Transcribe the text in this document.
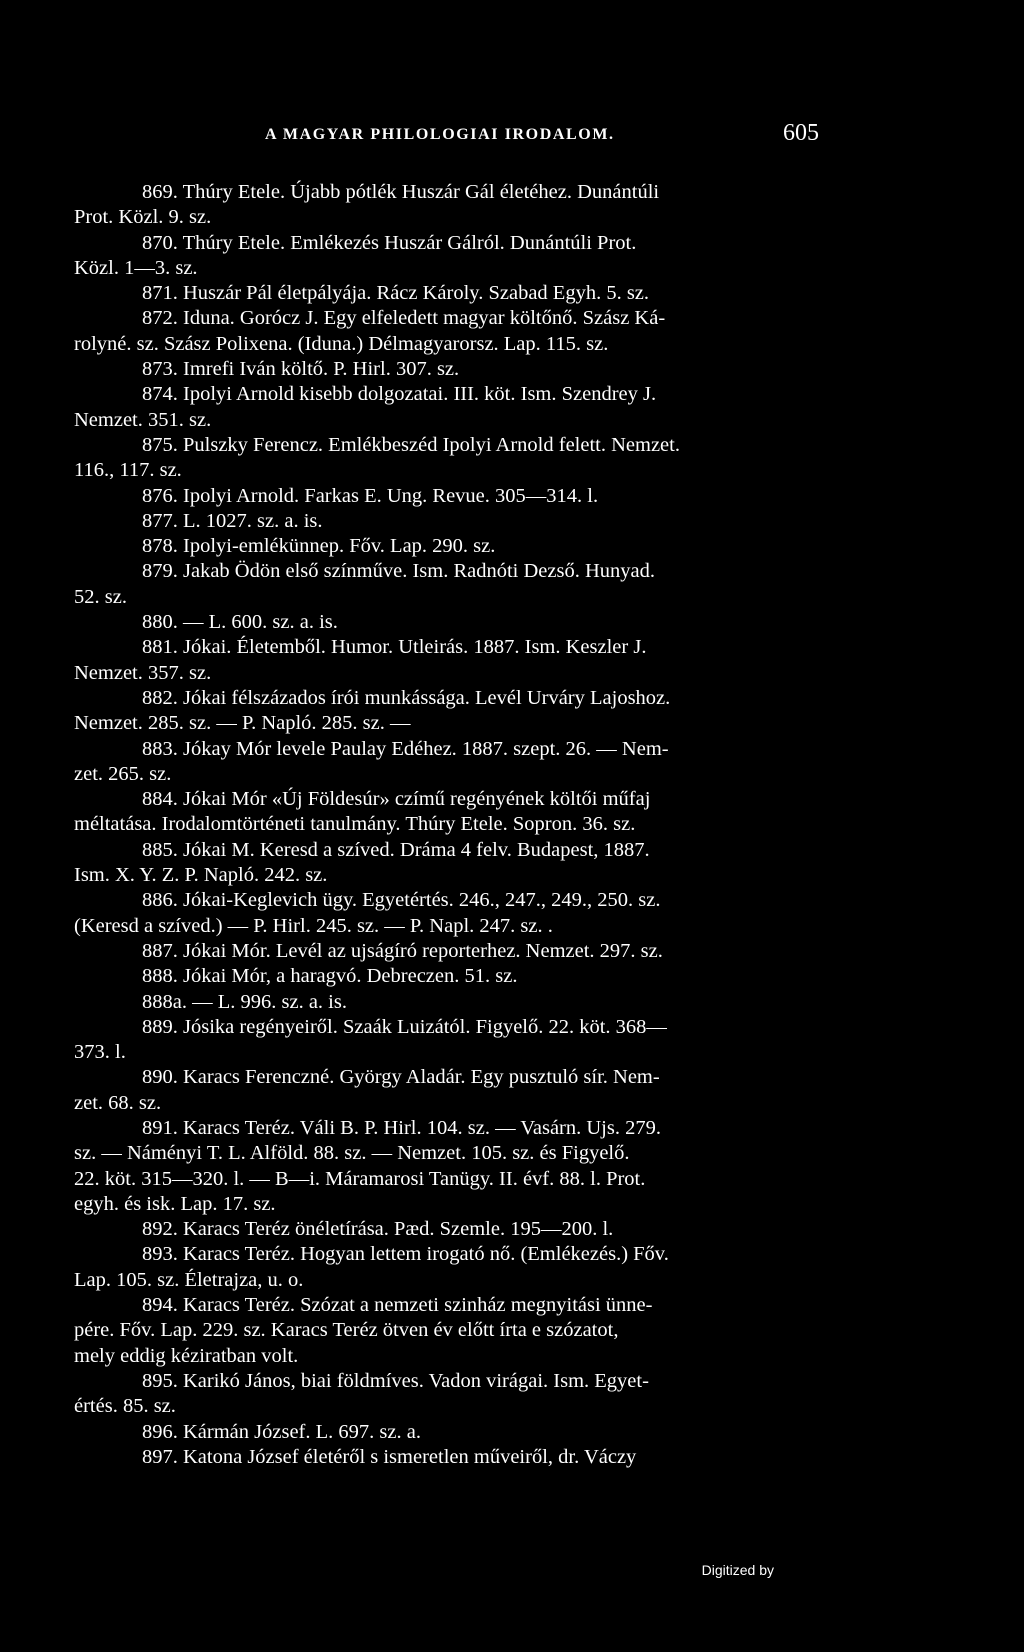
A MAGYAR PHILOLOGIAI IRODALOM.	605
869. Thúry Etele. Újabb pótlék Huszár Gál életéhez. Dunántúli
Prot. Közl. 9. sz.
870. Thúry Etele. Emlékezés Huszár Gálról. Dunántúli Prot.
Közl. 1—3. sz.
871. Huszár Pál életpályája. Rácz Károly. Szabad Egyh. 5. sz.
872. Iduna. Gorócz J. Egy elfeledett magyar költőnő. Szász Ká-
rolyné. sz. Szász Polixena. (Iduna.) Délmagyarorsz. Lap. 115. sz.
873. Imrefi Iván költő. P. Hirl. 307. sz.
874. Ipolyi Arnold kisebb dolgozatai. III. köt. Ism. Szendrey J.
Nemzet. 351. sz.
875. Pulszky Ferencz. Emlékbeszéd Ipolyi Arnold felett. Nemzet.
116., 117. sz.
876. Ipolyi Arnold. Farkas E. Ung. Revue. 305—314. l.
877. L. 1027. sz. a. is.
878. Ipolyi-emlékünnep. Főv. Lap. 290. sz.
879. Jakab Ödön első színműve. Ism. Radnóti Dezső. Hunyad.
52. sz.
880. — L. 600. sz. a. is.
881. Jókai. Életemből. Humor. Utleirás. 1887. Ism. Keszler J.
Nemzet. 357. sz.
882. Jókai félszázados írói munkássága. Levél Urváry Lajoshoz.
Nemzet. 285. sz. — P. Napló. 285. sz. —
883. Jókay Mór levele Paulay Edéhez. 1887. szept. 26. — Nem-
zet. 265. sz.
884. Jókai Mór «Új Földesúr» czímű regényének költői műfaj
méltatása. Irodalomtörténeti tanulmány. Thúry Etele. Sopron. 36. sz.
885. Jókai M. Keresd a szíved. Dráma 4 felv. Budapest, 1887.
Ism. X. Y. Z. P. Napló. 242. sz.
886. Jókai-Keglevich ügy. Egyetértés. 246., 247., 249., 250. sz.
(Keresd a szíved.) — P. Hirl. 245. sz. — P. Napl. 247. sz. .
887. Jókai Mór. Levél az ujságíró reporterhez. Nemzet. 297. sz.
888. Jókai Mór, a haragvó. Debreczen. 51. sz.
888a. — L. 996. sz. a. is.
889. Jósika regényeiről. Szaák Luizától. Figyelő. 22. köt. 368—
373. l.
890. Karacs Ferenczné. György Aladár. Egy pusztuló sír. Nem-
zet. 68. sz.
891. Karacs Teréz. Váli B. P. Hirl. 104. sz. — Vasárn. Ujs. 279.
sz. — Náményi T. L. Alföld. 88. sz. — Nemzet. 105. sz. és Figyelő.
22. köt. 315—320. l. — B—i. Máramarosi Tanügy. II. évf. 88. l. Prot.
egyh. és isk. Lap. 17. sz.
892. Karacs Teréz önéletírása. Pæd. Szemle. 195—200. l.
893. Karacs Teréz. Hogyan lettem irogató nő. (Emlékezés.) Főv.
Lap. 105. sz. Életrajza, u. o.
894. Karacs Teréz. Szózat a nemzeti szinház megnyitási ünne-
pére. Főv. Lap. 229. sz. Karacs Teréz ötven év előtt írta e szózatot,
mely eddig kéziratban volt.
895. Karikó János, biai földmíves. Vadon virágai. Ism. Egyet-
értés. 85. sz.
896. Kármán József. L. 697. sz. a.
897. Katona József életéről s ismeretlen műveiről, dr. Váczy
Digitized by
